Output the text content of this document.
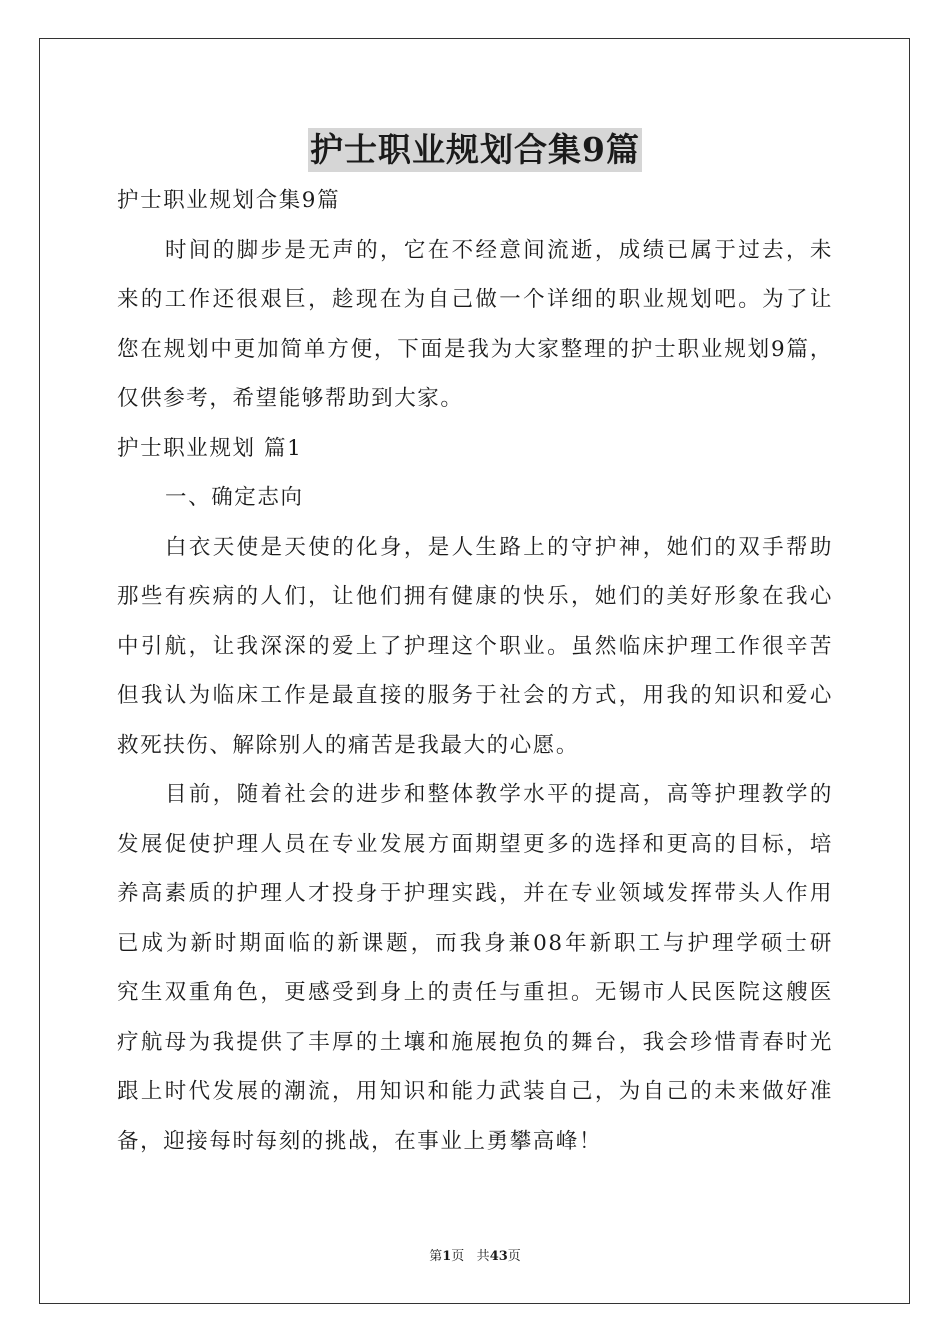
护士职业规划合集9篇

护士职业规划合集9篇

时间的脚步是无声的，它在不经意间流逝，成绩已属于过去，未

来的工作还很艰巨，趁现在为自己做一个详细的职业规划吧。为了让

您在规划中更加简单方便，下面是我为大家整理的护士职业规划9篇，

仅供参考，希望能够帮助到大家。

护士职业规划 篇1

一、确定志向

白衣天使是天使的化身，是人生路上的守护神，她们的双手帮助

那些有疾病的人们，让他们拥有健康的快乐，她们的美好形象在我心

中引航，让我深深的爱上了护理这个职业。虽然临床护理工作很辛苦

但我认为临床工作是最直接的服务于社会的方式，用我的知识和爱心

救死扶伤、解除别人的痛苦是我最大的心愿。

目前，随着社会的进步和整体教学水平的提高，高等护理教学的

发展促使护理人员在专业发展方面期望更多的选择和更高的目标，培

养高素质的护理人才投身于护理实践，并在专业领域发挥带头人作用

已成为新时期面临的新课题，而我身兼08年新职工与护理学硕士研

究生双重角色，更感受到身上的责任与重担。无锡市人民医院这艘医

疗航母为我提供了丰厚的土壤和施展抱负的舞台，我会珍惜青春时光

跟上时代发展的潮流，用知识和能力武装自己，为自己的未来做好准

备，迎接每时每刻的挑战，在事业上勇攀高峰！

第1页 共43页
